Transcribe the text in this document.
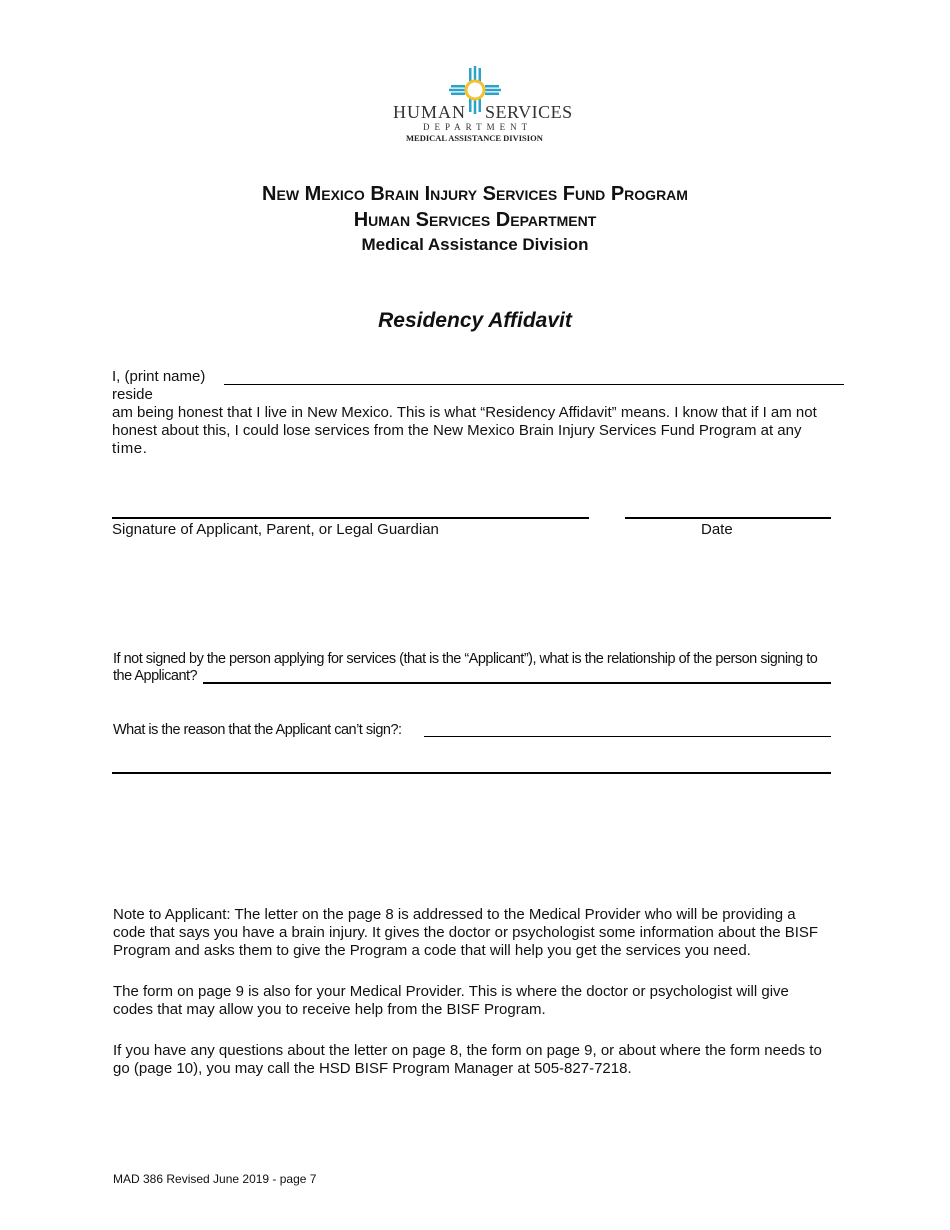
HUMAN SERVICES
DEPARTMENT
MEDICAL ASSISTANCE DIVISION
New Mexico Brain Injury Services Fund Program
Human Services Department
Medical Assistance Division
Residency Affidavit
I, (print name)
reside
am being honest that I live in New Mexico. This is what “Residency Affidavit” means. I know that if I am not
honest about this, I could lose services from the New Mexico Brain Injury Services Fund Program at any
time.
Signature of Applicant, Parent, or Legal Guardian	Date
If not signed by the person applying for services (that is the “Applicant”), what is the relationship of the person signing to
the Applicant?
What is the reason that the Applicant can’t sign?:
Note to Applicant: The letter on the page 8 is addressed to the Medical Provider who will be providing a
code that says you have a brain injury. It gives the doctor or psychologist some information about the BISF
Program and asks them to give the Program a code that will help you get the services you need.
The form on page 9 is also for your Medical Provider. This is where the doctor or psychologist will give
codes that may allow you to receive help from the BISF Program.
If you have any questions about the letter on page 8, the form on page 9, or about where the form needs to
go (page 10), you may call the HSD BISF Program Manager at 505-827-7218.
MAD 386 Revised June 2019 - page 7
